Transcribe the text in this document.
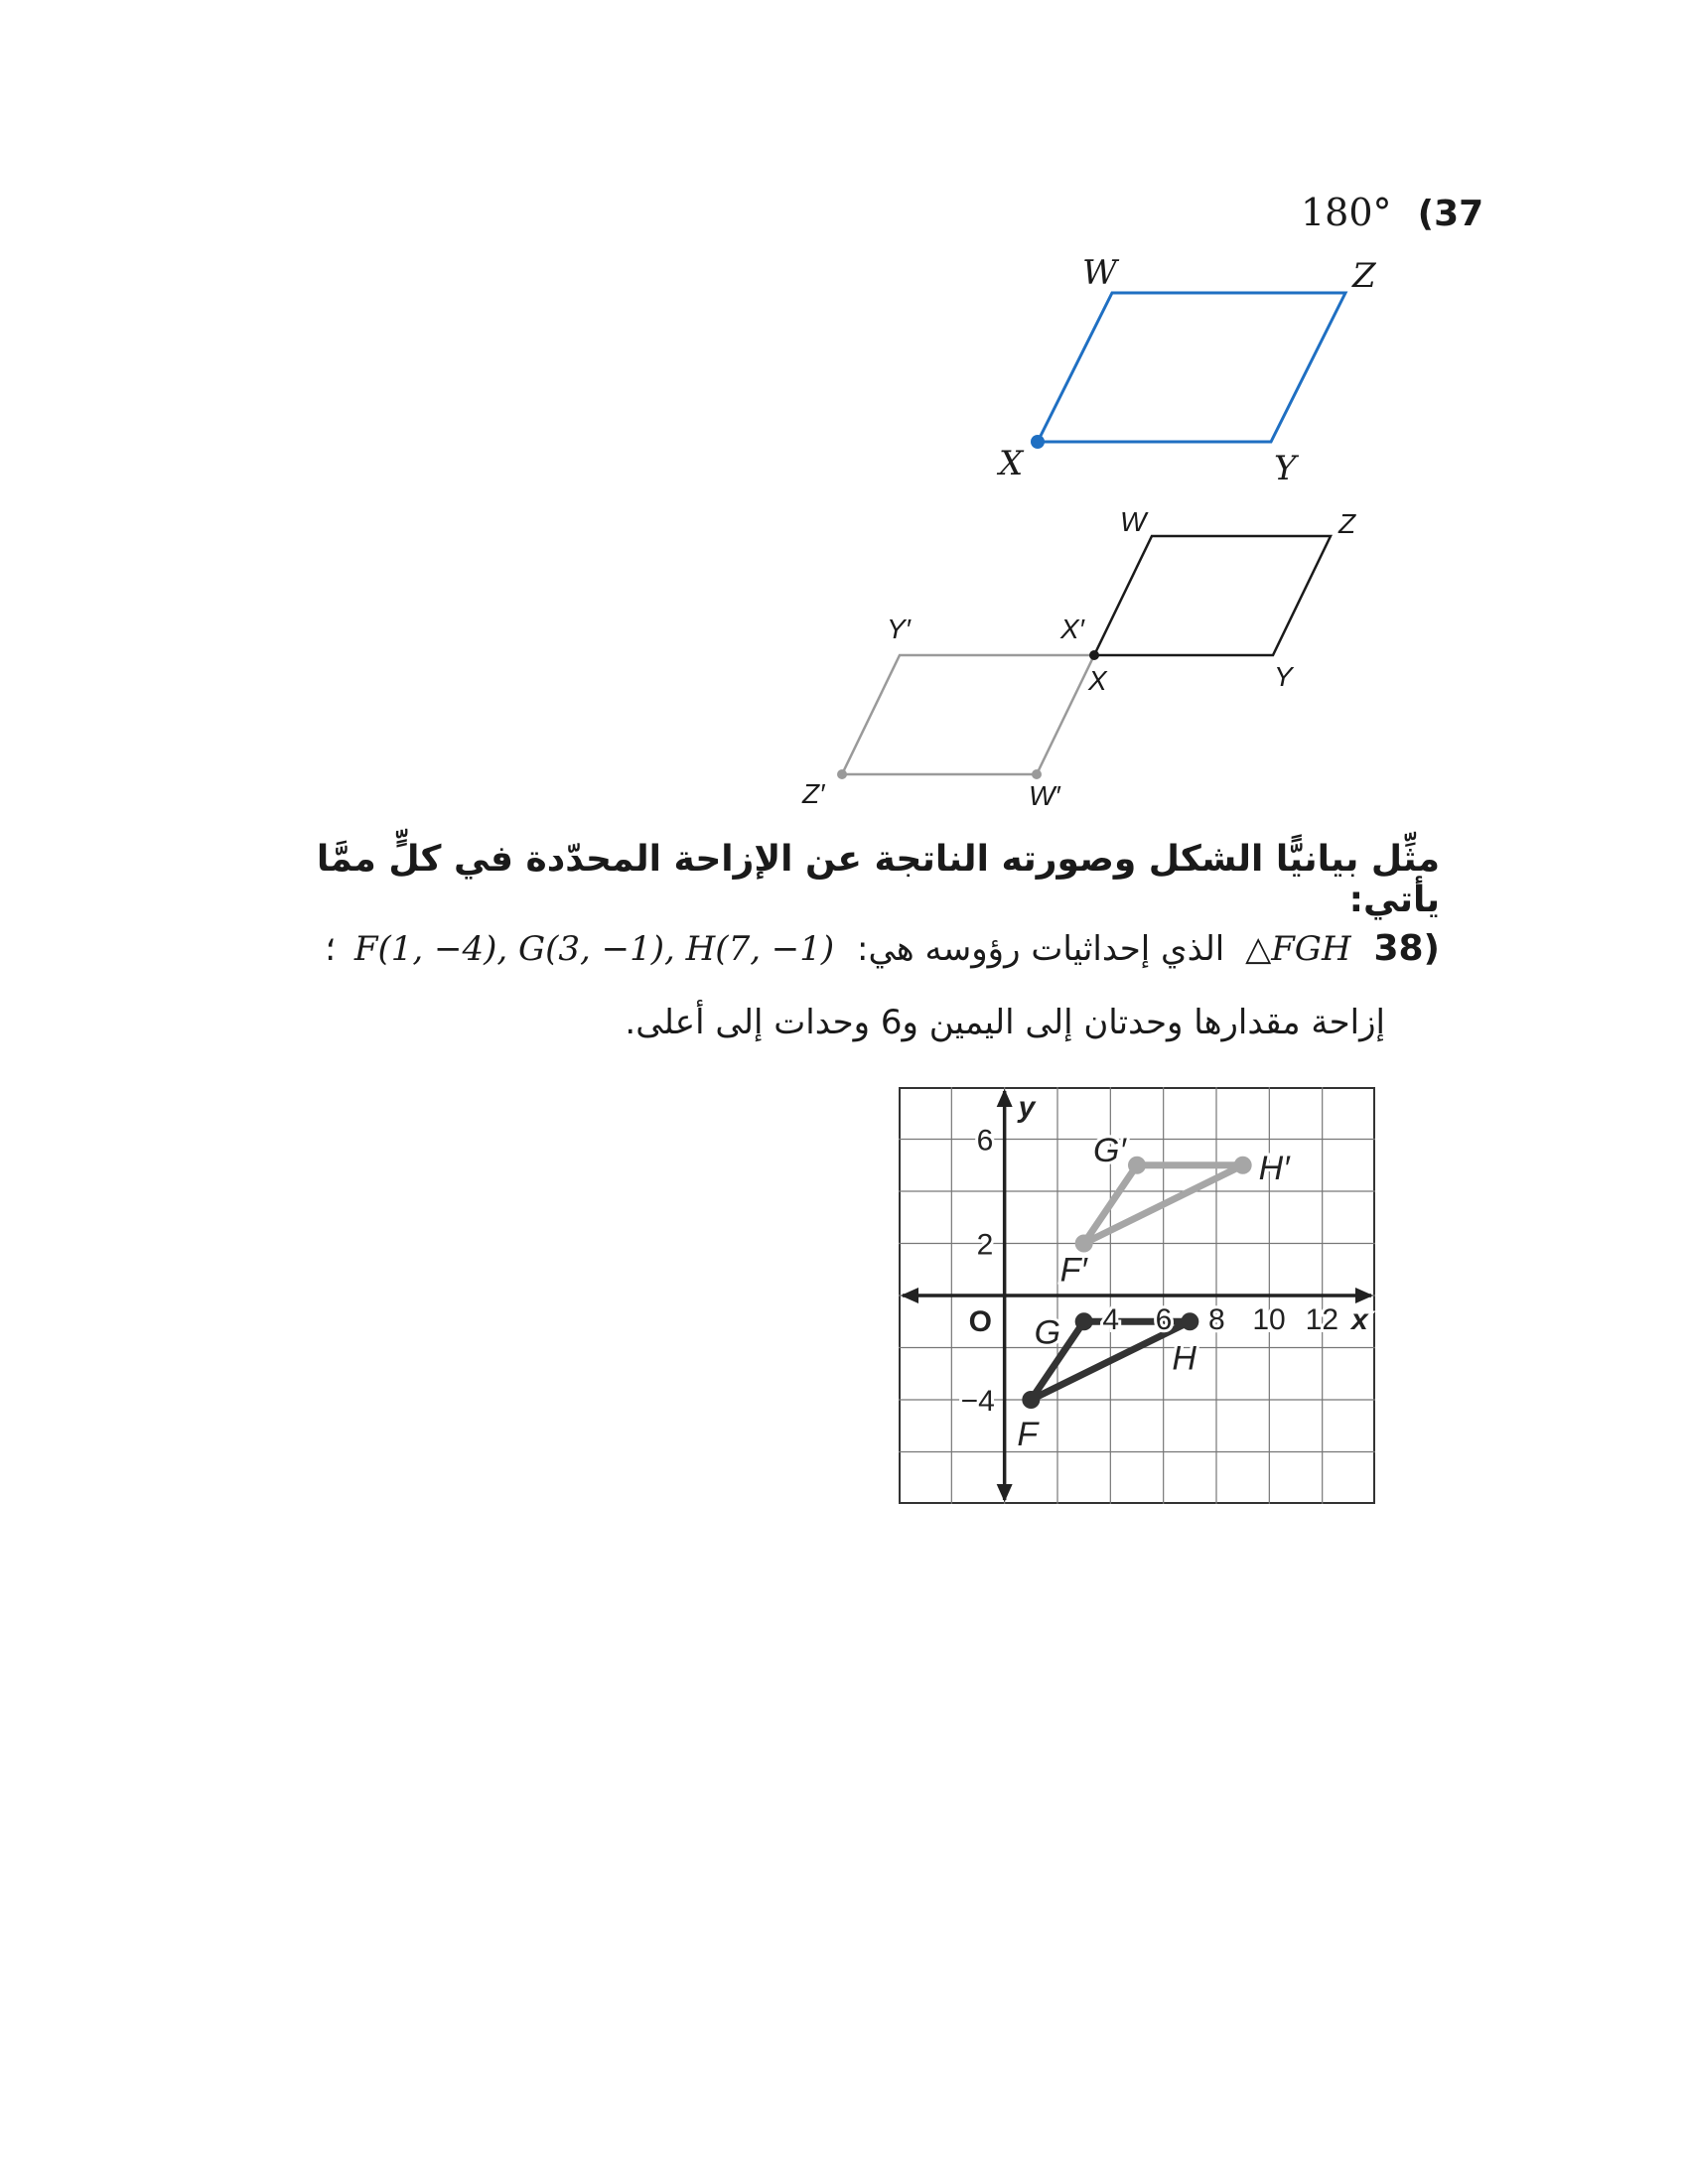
180° (37
W	Z
X	Y
W	Z
X′
X	Y
Y′
Z′	W′
مثِّل بيانيًّا الشكل وصورته الناتجة عن الإزاحة المحدّدة في كلٍّ ممَّا يأتي:
(38 △FGH الذي إحداثيات رؤوسه هي: F(1, −4), G(3, −1), H(7, −1) ؛
إزاحة مقدارها وحدتان إلى اليمين و6 وحدات إلى أعلى.
4 6 8 10 12
6
2
−4
O	x
y
F
G
H
F′
G′	H′
